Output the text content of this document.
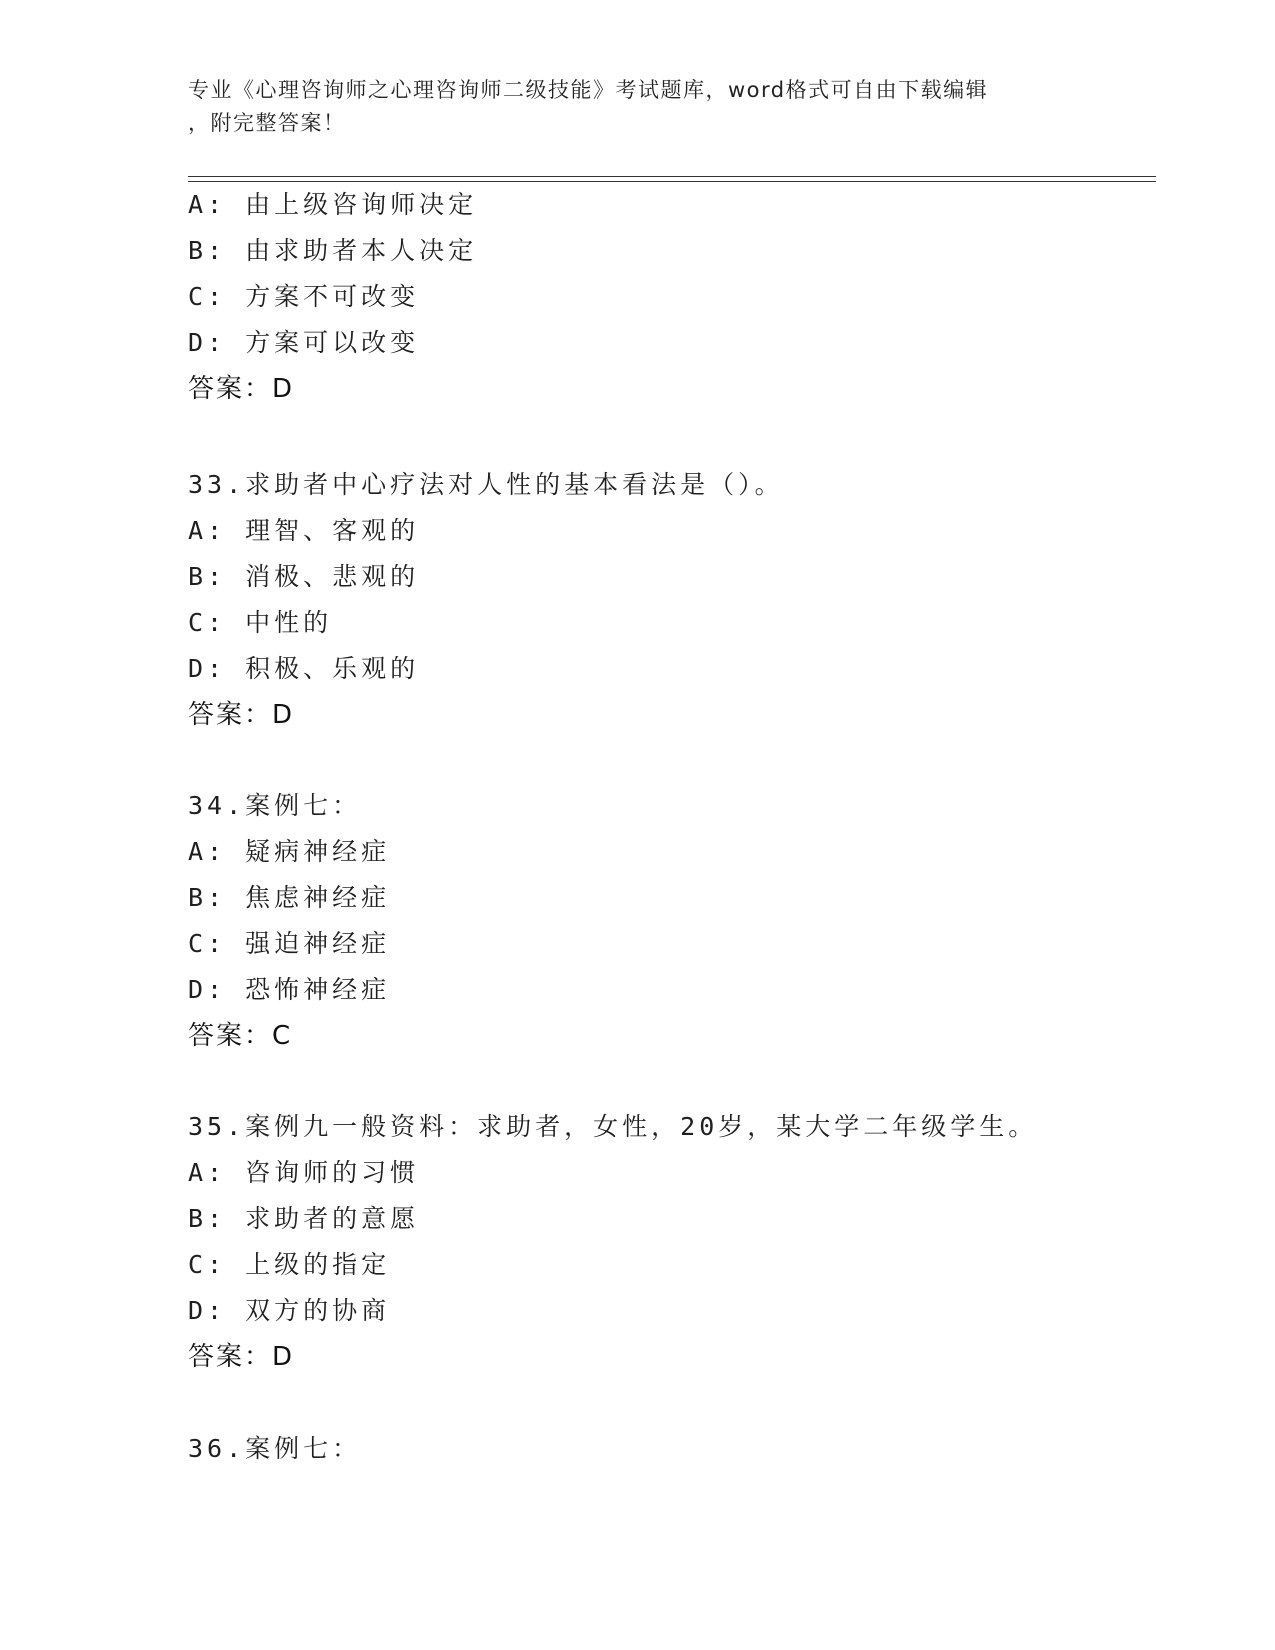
专业《心理咨询师之心理咨询师二级技能》考试题库，word格式可自由下载编辑
，附完整答案！
A: 由上级咨询师决定
B: 由求助者本人决定
C: 方案不可改变
D: 方案可以改变
答案：D
33.求助者中心疗法对人性的基本看法是（）。
A: 理智、客观的
B: 消极、悲观的
C: 中性的
D: 积极、乐观的
答案：D
34.案例七：
A: 疑病神经症
B: 焦虑神经症
C: 强迫神经症
D: 恐怖神经症
答案：C
35.案例九一般资料：求助者，女性，20岁，某大学二年级学生。
A: 咨询师的习惯
B: 求助者的意愿
C: 上级的指定
D: 双方的协商
答案：D
36.案例七：
